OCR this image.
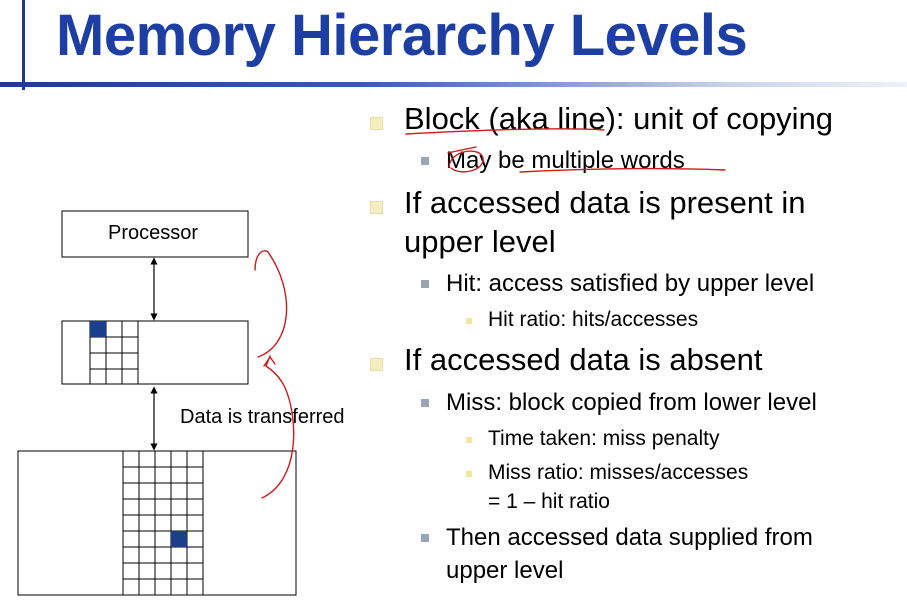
Memory Hierarchy Levels
Block (aka line): unit of copying
May be multiple words
If accessed data is present in
upper level
Hit: access satisfied by upper level
Hit ratio: hits/accesses
If accessed data is absent
Miss: block copied from lower level
Time taken: miss penalty
Miss ratio: misses/accesses
= 1 – hit ratio
Then accessed data supplied from
upper level
Processor
Data is transferred
